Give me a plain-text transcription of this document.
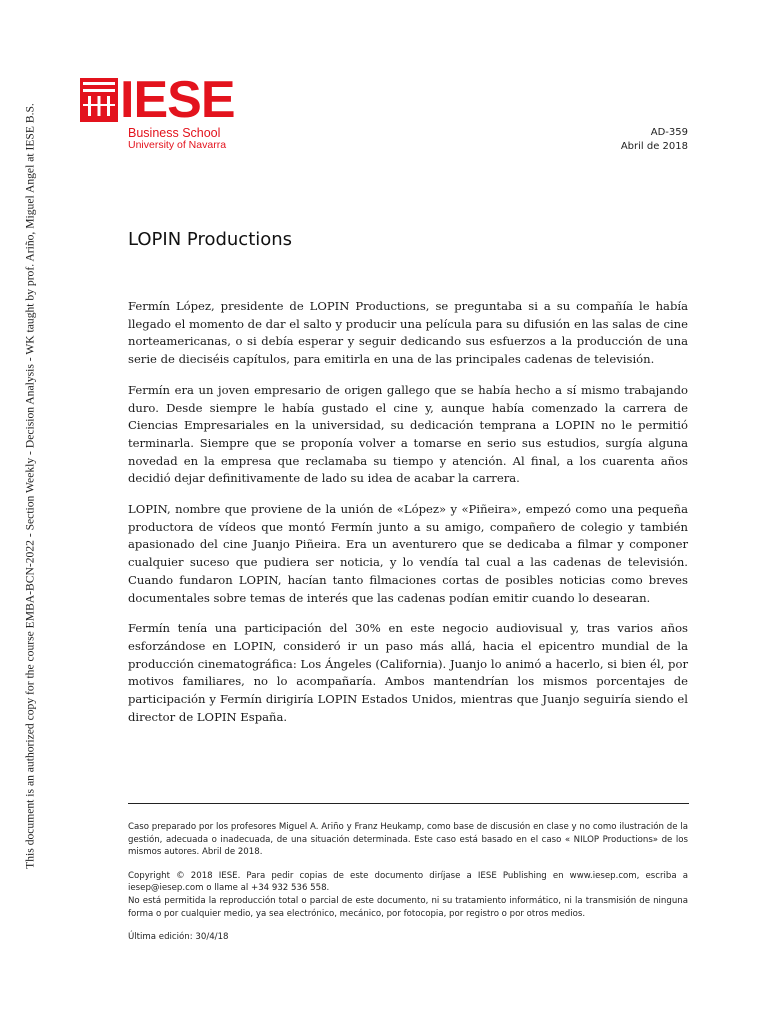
This document is an authorized copy for the course EMBA-BCN-2022 - Section Weekly - Decision Analysis - WK taught by prof. Ariño, Miguel Angel at IESE B.S.
IESE
Business School
University of Navarra
AD-359
Abril de 2018
LOPIN Productions

Fermín López, presidente de LOPIN Productions, se preguntaba si a su compañía le había llegado el momento de dar el salto y producir una película para su difusión en las salas de cine norteamericanas, o si debía esperar y seguir dedicando sus esfuerzos a la producción de una serie de dieciséis capítulos, para emitirla en una de las principales cadenas de televisión.

Fermín era un joven empresario de origen gallego que se había hecho a sí mismo trabajando duro. Desde siempre le había gustado el cine y, aunque había comenzado la carrera de Ciencias Empresariales en la universidad, su dedicación temprana a LOPIN no le permitió terminarla. Siempre que se proponía volver a tomarse en serio sus estudios, surgía alguna novedad en la empresa que reclamaba su tiempo y atención. Al final, a los cuarenta años decidió dejar definitivamente de lado su idea de acabar la carrera.

LOPIN, nombre que proviene de la unión de «López» y «Piñeira», empezó como una pequeña productora de vídeos que montó Fermín junto a su amigo, compañero de colegio y también apasionado del cine Juanjo Piñeira. Era un aventurero que se dedicaba a filmar y componer cualquier suceso que pudiera ser noticia, y lo vendía tal cual a las cadenas de televisión. Cuando fundaron LOPIN, hacían tanto filmaciones cortas de posibles noticias como breves documentales sobre temas de interés que las cadenas podían emitir cuando lo desearan.

Fermín tenía una participación del 30% en este negocio audiovisual y, tras varios años esforzándose en LOPIN, consideró ir un paso más allá, hacia el epicentro mundial de la producción cinematográfica: Los Ángeles (California). Juanjo lo animó a hacerlo, si bien él, por motivos familiares, no lo acompañaría. Ambos mantendrían los mismos porcentajes de participación y Fermín dirigiría LOPIN Estados Unidos, mientras que Juanjo seguiría siendo el director de LOPIN España.

Caso preparado por los profesores Miguel A. Ariño y Franz Heukamp, como base de discusión en clase y no como ilustración de la gestión, adecuada o inadecuada, de una situación determinada. Este caso está basado en el caso « NILOP Productions» de los mismos autores. Abril de 2018.

Copyright © 2018 IESE. Para pedir copias de este documento diríjase a IESE Publishing en www.iesep.com, escriba a iesep@iesep.com o llame al +34 932 536 558.

No está permitida la reproducción total o parcial de este documento, ni su tratamiento informático, ni la transmisión de ninguna forma o por cualquier medio, ya sea electrónico, mecánico, por fotocopia, por registro o por otros medios.

Última edición: 30/4/18
